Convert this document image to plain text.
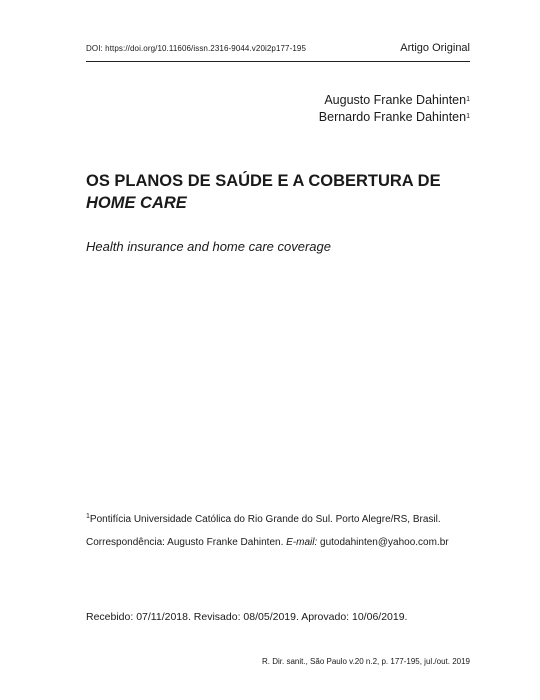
DOI: https://doi.org/10.11606/issn.2316-9044.v20i2p177-195	Artigo Original
Augusto Franke Dahinten$^1$
Bernardo Franke Dahinten$^1$
OS PLANOS DE SAÚDE E A COBERTURA DE
HOME CARE
Health insurance and home care coverage
$^1$Pontifícia Universidade Católica do Rio Grande do Sul. Porto Alegre/RS, Brasil.
Correspondência: Augusto Franke Dahinten. E-mail: gutodahinten@yahoo.com.br
Recebido: 07/11/2018. Revisado: 08/05/2019. Aprovado: 10/06/2019.
R. Dir. sanit., São Paulo v.20 n.2, p. 177-195, jul./out. 2019
